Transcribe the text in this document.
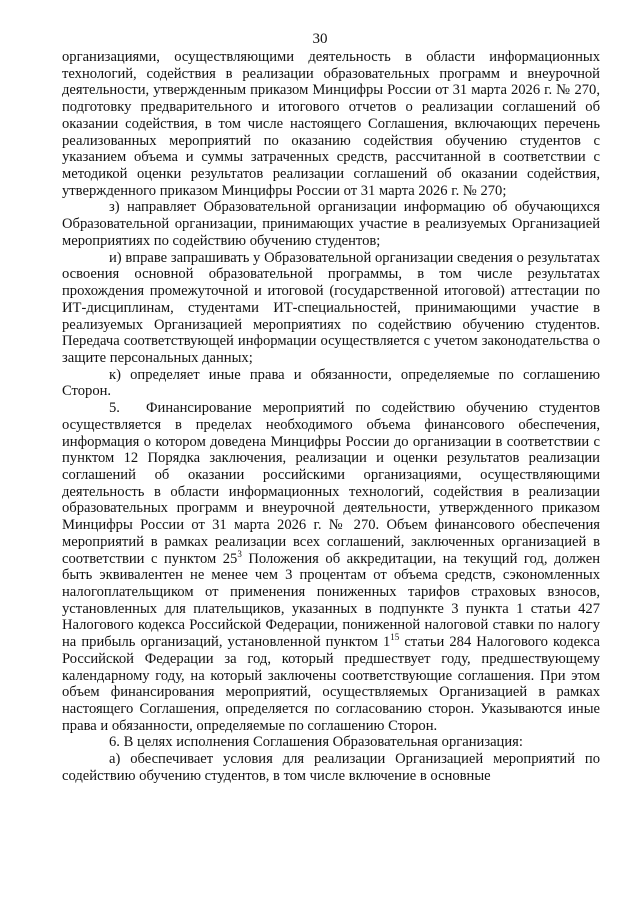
30

организациями, осуществляющими деятельность в области информационных технологий, содействия в реализации образовательных программ и внеурочной деятельности, утвержденным приказом Минцифры России от 31 марта 2026 г. № 270, подготовку предварительного и итогового отчетов о реализации соглашений об оказании содействия, в том числе настоящего Соглашения, включающих перечень реализованных мероприятий по оказанию содействия обучению студентов с указанием объема и суммы затраченных средств, рассчитанной в соответствии с методикой оценки результатов реализации соглашений об оказании содействия, утвержденного приказом Минцифры России от 31 марта 2026 г. № 270;

з) направляет Образовательной организации информацию об обучающихся Образовательной организации, принимающих участие в реализуемых Организацией мероприятиях по содействию обучению студентов;

и) вправе запрашивать у Образовательной организации сведения о результатах освоения основной образовательной программы, в том числе результатах прохождения промежуточной и итоговой (государственной итоговой) аттестации по ИТ-дисциплинам, студентами ИТ-специальностей, принимающими участие в реализуемых Организацией мероприятиях по содействию обучению студентов. Передача соответствующей информации осуществляется с учетом законодательства о защите персональных данных;

к) определяет иные права и обязанности, определяемые по соглашению Сторон.

5. Финансирование мероприятий по содействию обучению студентов осуществляется в пределах необходимого объема финансового обеспечения, информация о котором доведена Минцифры России до организации в соответствии с пунктом 12 Порядка заключения, реализации и оценки результатов реализации соглашений об оказании российскими организациями, осуществляющими деятельность в области информационных технологий, содействия в реализации образовательных программ и внеурочной деятельности, утвержденного приказом Минцифры России от 31 марта 2026 г. № 270. Объем финансового обеспечения мероприятий в рамках реализации всех соглашений, заключенных организацией в соответствии с пунктом $25^3$ Положения об аккредитации, на текущий год, должен быть эквивалентен не менее чем 3 процентам от объема средств, сэкономленных налогоплательщиком от применения пониженных тарифов страховых взносов, установленных для плательщиков, указанных в подпункте 3 пункта 1 статьи 427 Налогового кодекса Российской Федерации, пониженной налоговой ставки по налогу на прибыль организаций, установленной пунктом $1^{15}$ статьи 284 Налогового кодекса Российской Федерации за год, который предшествует году, предшествующему календарному году, на который заключены соответствующие соглашения. При этом объем финансирования мероприятий, осуществляемых Организацией в рамках настоящего Соглашения, определяется по согласованию сторон. Указываются иные права и обязанности, определяемые по соглашению Сторон.

6. В целях исполнения Соглашения Образовательная организация:

а) обеспечивает условия для реализации Организацией мероприятий по содействию обучению студентов, в том числе включение в основные
